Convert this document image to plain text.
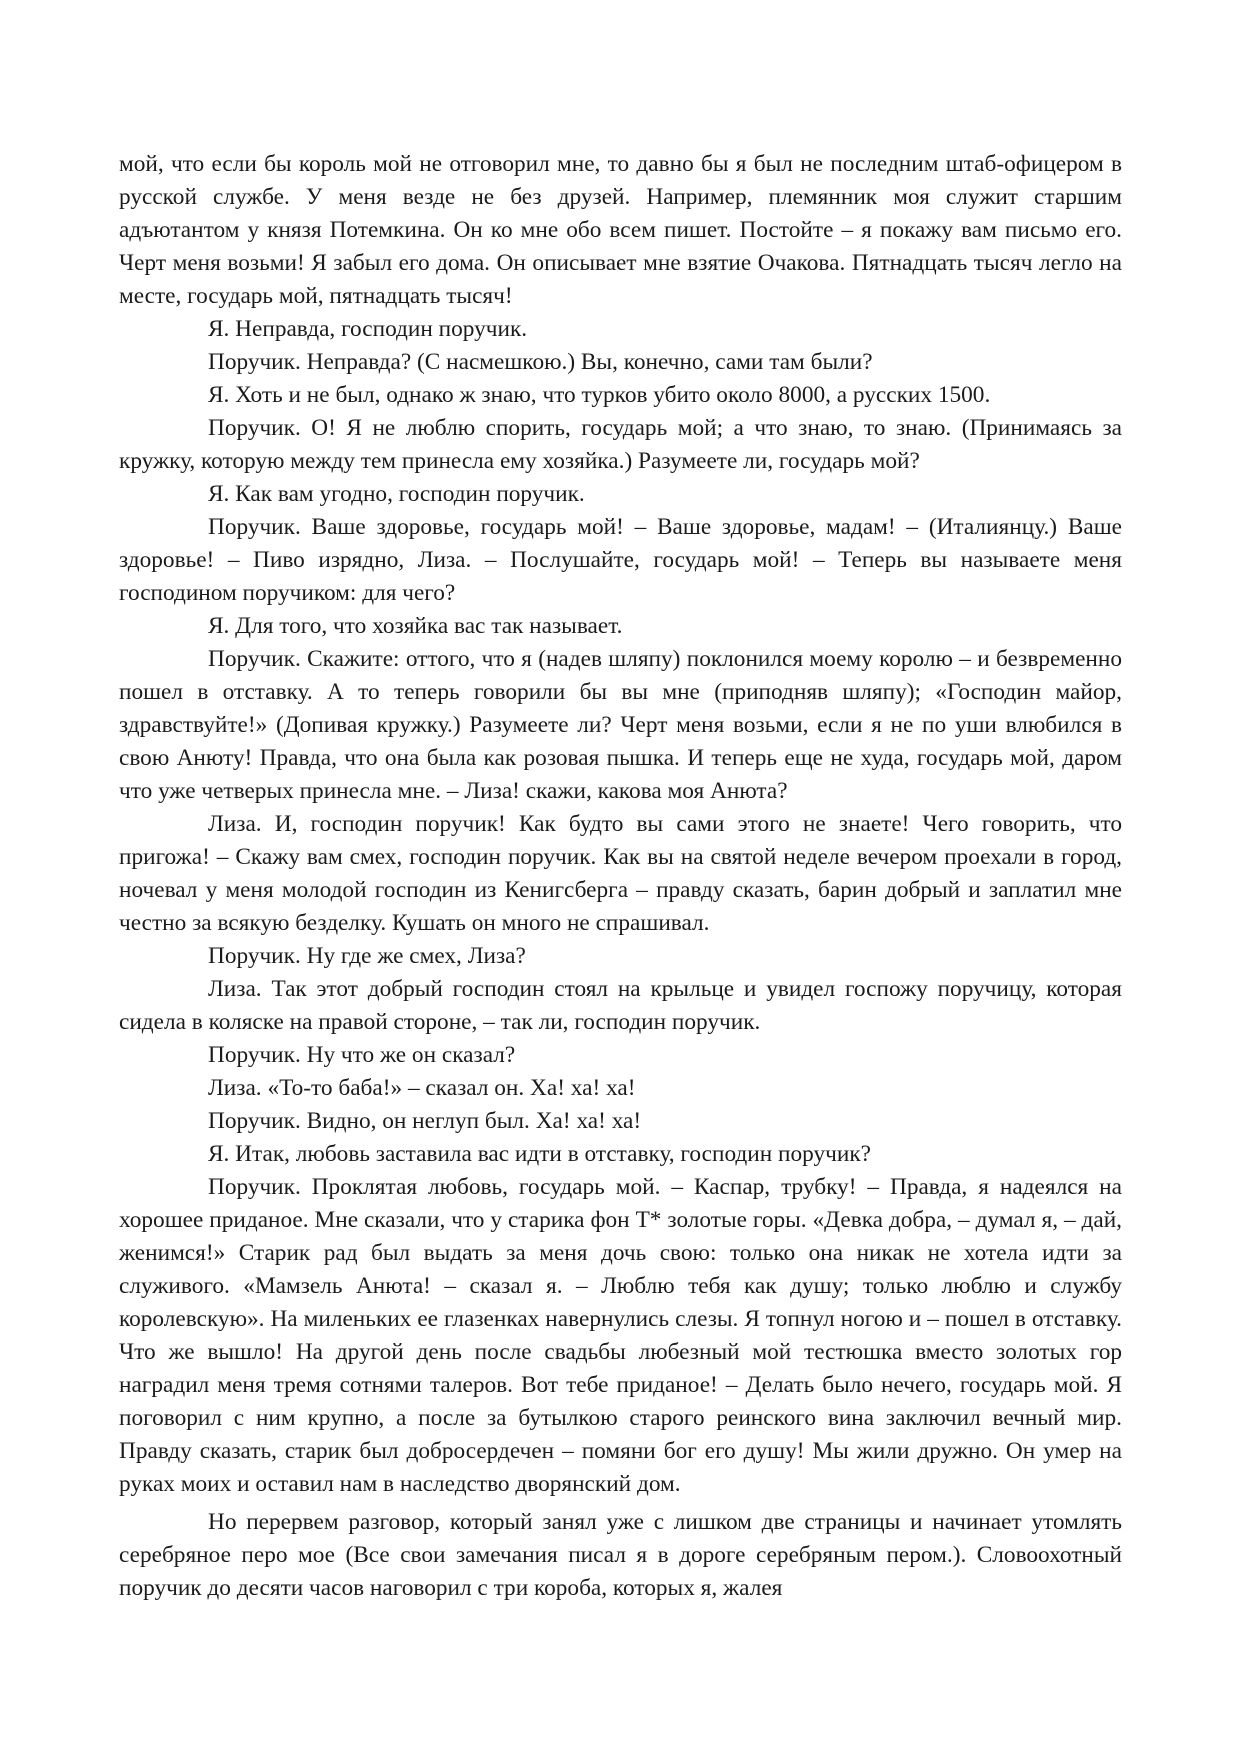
мой, что если бы король мой не отговорил мне, то давно бы я был не последним штаб-офицером в русской службе. У меня везде не без друзей. Например, племянник моя служит старшим адъютантом у князя Потемкина. Он ко мне обо всем пишет. Постойте – я покажу вам письмо его. Черт меня возьми! Я забыл его дома. Он описывает мне взятие Очакова. Пятнадцать тысяч легло на месте, государь мой, пятнадцать тысяч!

Я. Неправда, господин поручик.

Поручик. Неправда? (С насмешкою.) Вы, конечно, сами там были?

Я. Хоть и не был, однако ж знаю, что турков убито около 8000, а русских 1500.

Поручик. О! Я не люблю спорить, государь мой; а что знаю, то знаю. (Принимаясь за кружку, которую между тем принесла ему хозяйка.) Разумеете ли, государь мой?

Я. Как вам угодно, господин поручик.

Поручик. Ваше здоровье, государь мой! – Ваше здоровье, мадам! – (Италиянцу.) Ваше здоровье! – Пиво изрядно, Лиза. – Послушайте, государь мой! – Теперь вы называете меня господином поручиком: для чего?

Я. Для того, что хозяйка вас так называет.

Поручик. Скажите: оттого, что я (надев шляпу) поклонился моему королю – и безвременно пошел в отставку. А то теперь говорили бы вы мне (приподняв шляпу); «Господин майор, здравствуйте!» (Допивая кружку.) Разумеете ли? Черт меня возьми, если я не по уши влюбился в свою Анюту! Правда, что она была как розовая пышка. И теперь еще не худа, государь мой, даром что уже четверых принесла мне. – Лиза! скажи, какова моя Анюта?

Лиза. И, господин поручик! Как будто вы сами этого не знаете! Чего говорить, что пригожа! – Скажу вам смех, господин поручик. Как вы на святой неделе вечером проехали в город, ночевал у меня молодой господин из Кенигсберга – правду сказать, барин добрый и заплатил мне честно за всякую безделку. Кушать он много не спрашивал.

Поручик. Ну где же смех, Лиза?

Лиза. Так этот добрый господин стоял на крыльце и увидел госпожу поручицу, которая сидела в коляске на правой стороне, – так ли, господин поручик.

Поручик. Ну что же он сказал?

Лиза. «То-то баба!» – сказал он. Ха! ха! ха!

Поручик. Видно, он неглуп был. Ха! ха! ха!

Я. Итак, любовь заставила вас идти в отставку, господин поручик?

Поручик. Проклятая любовь, государь мой. – Каспар, трубку! – Правда, я надеялся на хорошее приданое. Мне сказали, что у старика фон Т* золотые горы. «Девка добра, – думал я, – дай, женимся!» Старик рад был выдать за меня дочь свою: только она никак не хотела идти за служивого. «Мамзель Анюта! – сказал я. – Люблю тебя как душу; только люблю и службу королевскую». На миленьких ее глазенках навернулись слезы. Я топнул ногою и – пошел в отставку. Что же вышло! На другой день после свадьбы любезный мой тестюшка вместо золотых гор наградил меня тремя сотнями талеров. Вот тебе приданое! – Делать было нечего, государь мой. Я поговорил с ним крупно, а после за бутылкою старого реинского вина заключил вечный мир. Правду сказать, старик был добросердечен – помяни бог его душу! Мы жили дружно. Он умер на руках моих и оставил нам в наследство дворянский дом.

Но перервем разговор, который занял уже с лишком две страницы и начинает утомлять серебряное перо мое (Все свои замечания писал я в дороге серебряным пером.). Словоохотный поручик до десяти часов наговорил с три короба, которых я, жалея
